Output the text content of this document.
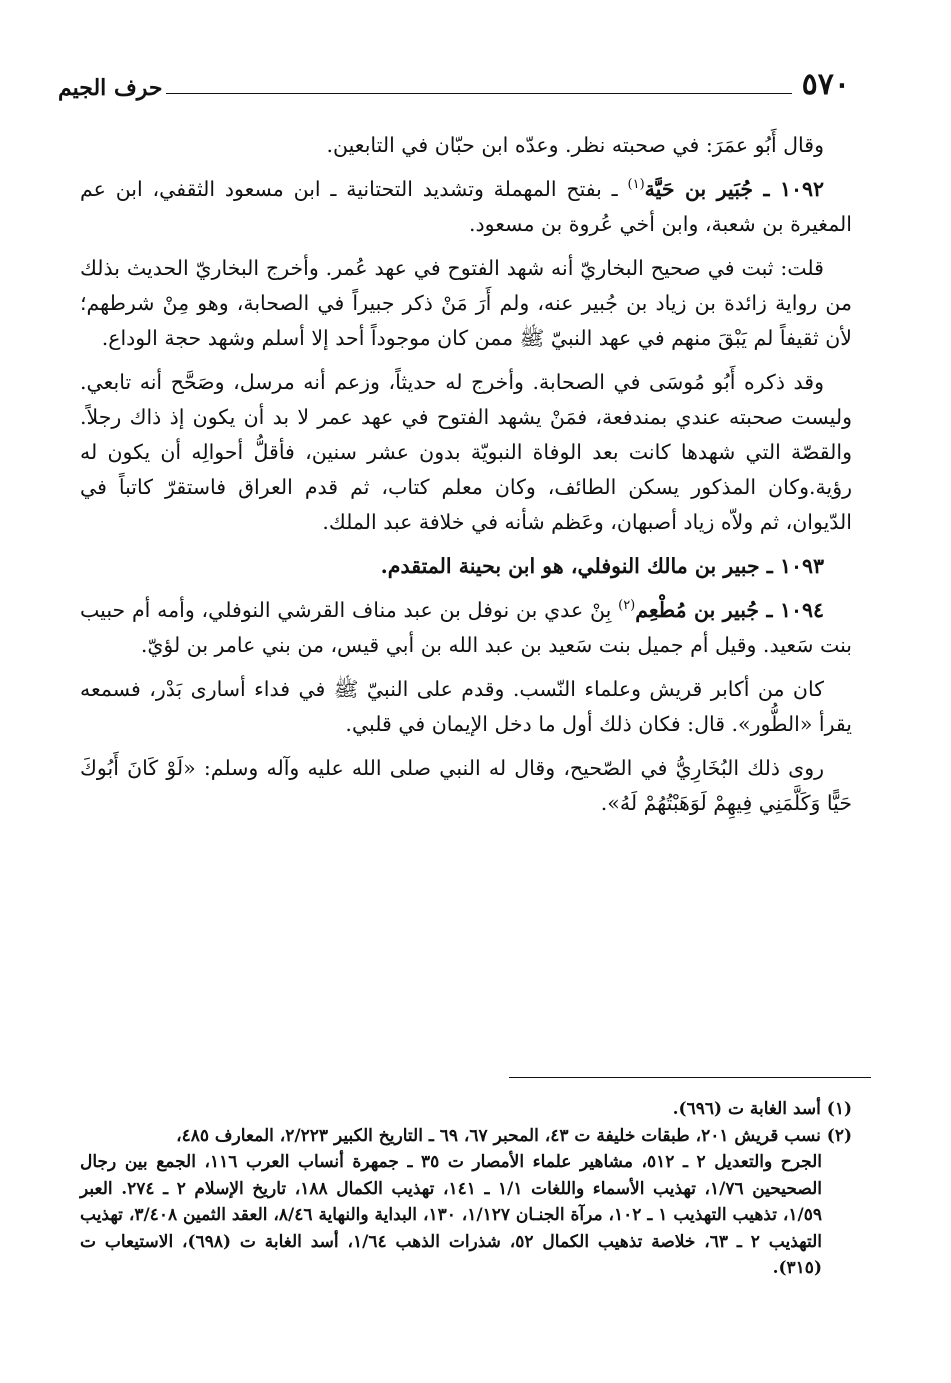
٥٧٠
حرف الجيم

وقال أَبُو عمَرَ: في صحبته نظر. وعدّه ابن حبّان في التابعين.

١٠٩٢ ـ جُبَير بن حَيَّة$^{(١)}$ ـ بفتح المهملة وتشديد التحتانية ـ ابن مسعود الثقفي، ابن عم المغيرة بن شعبة، وابن أخي عُروة بن مسعود.

قلت: ثبت في صحيح البخاريّ أنه شهد الفتوح في عهد عُمر. وأخرج البخاريّ الحديث بذلك من رواية زائدة بن زياد بن جُبير عنه، ولم أَرَ مَنْ ذكر جبيراً في الصحابة، وهو مِنْ شرطهم؛ لأن ثقيفاً لم يَبْقَ منهم في عهد النبيّ ﷺ ممن كان موجوداً أحد إلا أسلم وشهد حجة الوداع.

وقد ذكره أَبُو مُوسَى في الصحابة. وأخرج له حديثاً، وزعم أنه مرسل، وصَحَّح أنه تابعي. وليست صحبته عندي بمندفعة، فمَنْ يشهد الفتوح في عهد عمر لا بد أن يكون إذ ذاك رجلاً. والقصّة التي شهدها كانت بعد الوفاة النبويّة بدون عشر سنين، فأقلُّ أحوالِه أن يكون له رؤية.وكان المذكور يسكن الطائف، وكان معلم كتاب، ثم قدم العراق فاستقرّ كاتباً في الدّيوان، ثم ولاّه زياد أصبهان، وعَظم شأنه في خلافة عبد الملك.

١٠٩٣ ـ جبير بن مالك النوفلي، هو ابن بحينة المتقدم.

١٠٩٤ ـ جُبير بن مُطْعِم$^{(٢)}$ بِنْ عدي بن نوفل بن عبد مناف القرشي النوفلي، وأمه أم حبيب بنت سَعيد. وقيل أم جميل بنت سَعيد بن عبد الله بن أبي قيس، من بني عامر بن لؤيّ.

كان من أكابر قريش وعلماء النّسب. وقدم على النبيّ ﷺ في فداء أسارى بَدْر، فسمعه يقرأ «الطُّور». قال: فكان ذلك أول ما دخل الإيمان في قلبي.

روى ذلك البُخَارِيُّ في الصّحيح، وقال له النبي صلى الله عليه وآله وسلم: «لَوْ كَانَ أَبُوكَ حَيًّا وَكَلَّمَنِي فِيهِمْ لَوَهَبْتُهُمْ لَهُ».

(١) أسد الغابة ت (٦٩٦).

(٢) نسب قريش ٢٠١، طبقات خليفة ت ٤٣، المحبر ٦٧، ٦٩ ـ التاريخ الكبير ٢/٢٢٣، المعارف ٤٨٥،

الجرح والتعديل ٢ ـ ٥١٢، مشاهير علماء الأمصار ت ٣٥ ـ جمهرة أنساب العرب ١١٦، الجمع بين رجال الصحيحين ١/٧٦، تهذيب الأسماء واللغات ١/١ ـ ١٤١، تهذيب الكمال ١٨٨، تاريخ الإسلام ٢ ـ ٢٧٤. العبر ١/٥٩، تذهيب التهذيب ١ ـ ١٠٢، مرآة الجنـان ١/١٢٧، ١٣٠، البداية والنهاية ٨/٤٦، العقد الثمين ٣/٤٠٨، تهذيب التهذيب ٢ ـ ٦٣، خلاصة تذهيب الكمال ٥٢، شذرات الذهب ١/٦٤، أسد الغابة ت (٦٩٨)، الاستيعاب ت (٣١٥).
